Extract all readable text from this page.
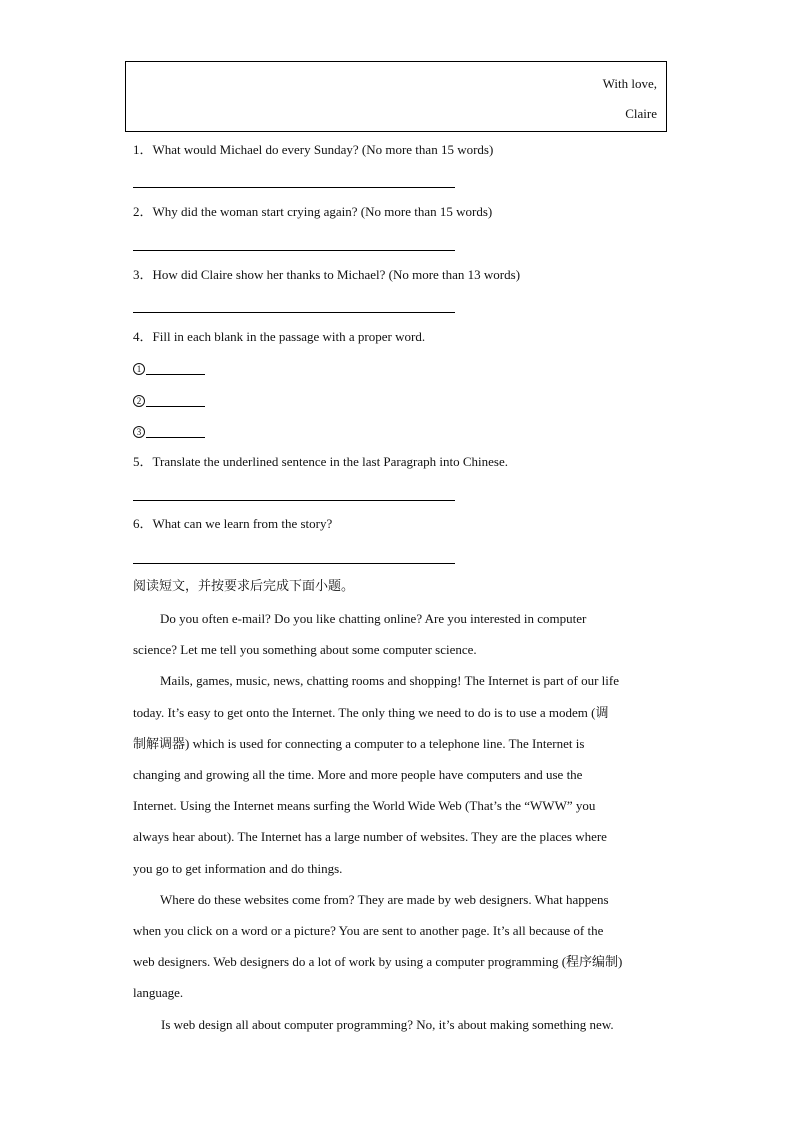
With love,
Claire
1．What would Michael do every Sunday? (No more than 15 words)
2．Why did the woman start crying again? (No more than 15 words)
3．How did Claire show her thanks to Michael? (No more than 13 words)
4．Fill in each blank in the passage with a proper word.
1
2
3
5．Translate the underlined sentence in the last Paragraph into Chinese.
6．What can we learn from the story?
阅读短文，并按要求后完成下面小题。
Do you often e-mail? Do you like chatting online? Are you interested in computer
science? Let me tell you something about some computer science.
Mails, games, music, news, chatting rooms and shopping! The Internet is part of our life
today. It’s easy to get onto the Internet. The only thing we need to do is to use a modem (调
制解调器) which is used for connecting a computer to a telephone line. The Internet is
changing and growing all the time. More and more people have computers and use the
Internet. Using the Internet means surfing the World Wide Web (That’s the “WWW” you
always hear about). The Internet has a large number of websites. They are the places where
you go to get information and do things.
Where do these websites come from? They are made by web designers. What happens
when you click on a word or a picture? You are sent to another page. It’s all because of the
web designers. Web designers do a lot of work by using a computer programming (程序编制)
language.
Is web design all about computer programming? No, it’s about making something new.
